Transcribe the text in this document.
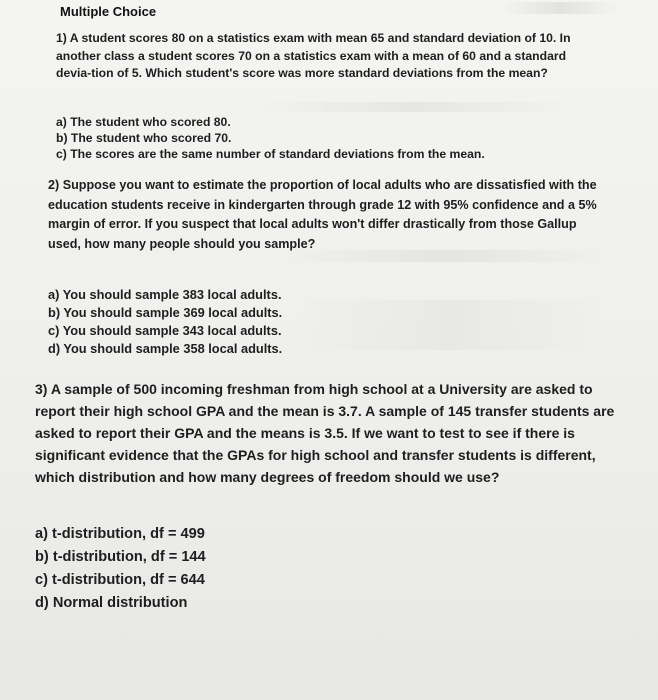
Multiple Choice

1) A student scores 80 on a statistics exam with mean 65 and standard deviation of 10. In another class a student scores 70 on a statistics exam with a mean of 60 and a standard devia-tion of 5. Which student's score was more standard deviations from the mean?

a) The student who scored 80.

b) The student who scored 70.

c) The scores are the same number of standard deviations from the mean.

2) Suppose you want to estimate the proportion of local adults who are dissatisfied with the education students receive in kindergarten through grade 12 with 95% confidence and a 5% margin of error. If you suspect that local adults won't differ drastically from those Gallup used, how many people should you sample?

a) You should sample 383 local adults.

b) You should sample 369 local adults.

c) You should sample 343 local adults.

d) You should sample 358 local adults.

3) A sample of 500 incoming freshman from high school at a University are asked to report their high school GPA and the mean is 3.7. A sample of 145 transfer students are asked to report their GPA and the means is 3.5. If we want to test to see if there is significant evidence that the GPAs for high school and transfer students is different, which distribution and how many degrees of freedom should we use?

a) t-distribution, df = 499

b) t-distribution, df = 144

c) t-distribution, df = 644

d) Normal distribution
